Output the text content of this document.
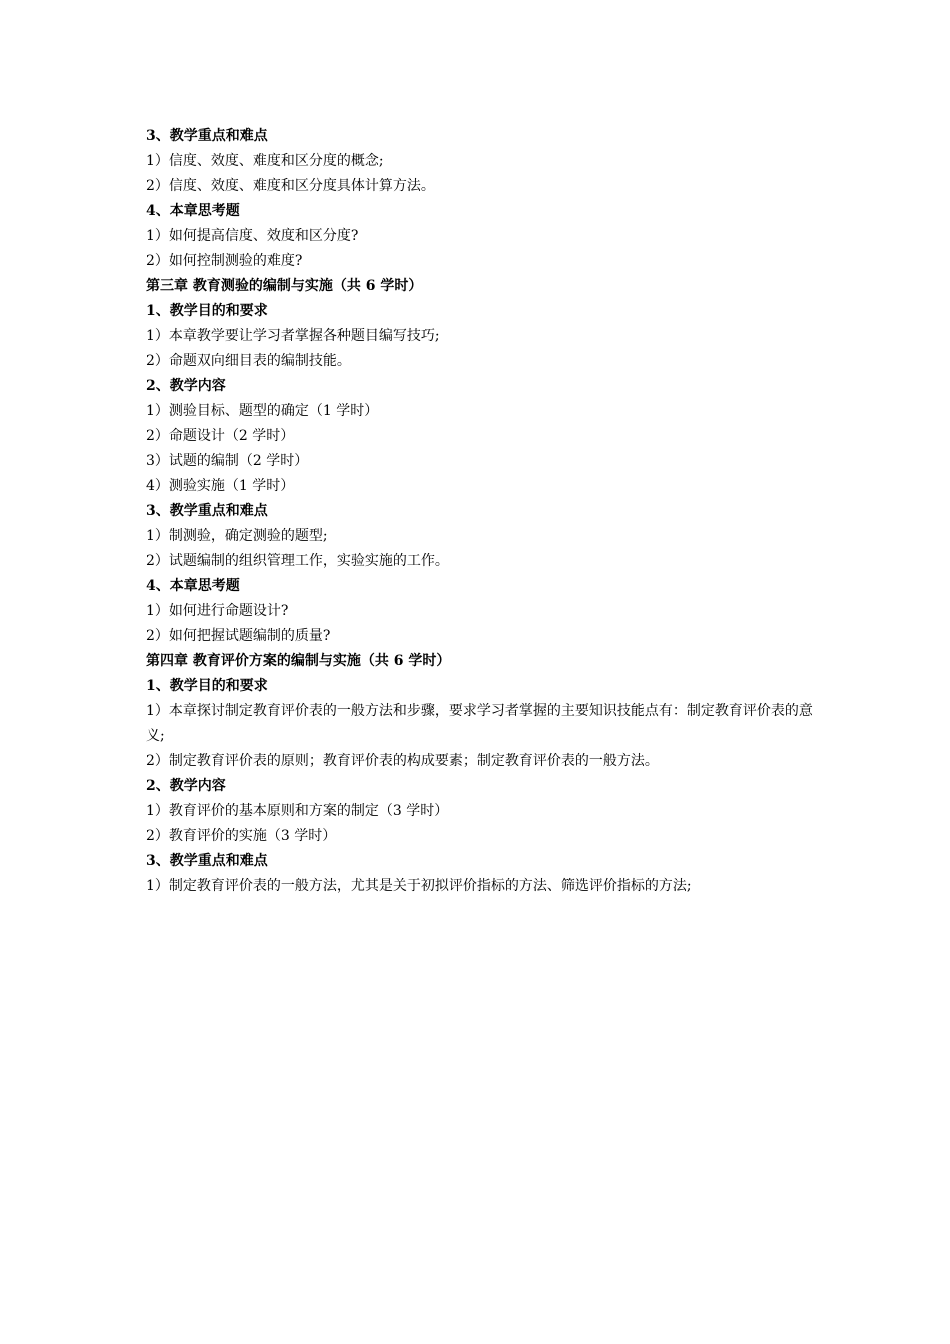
3、教学重点和难点

1）信度、效度、难度和区分度的概念;

2）信度、效度、难度和区分度具体计算方法。

4、本章思考题

1）如何提高信度、效度和区分度?

2）如何控制测验的难度?

第三章 教育测验的编制与实施（共 6 学时）

1、教学目的和要求

1）本章教学要让学习者掌握各种题目编写技巧;

2）命题双向细目表的编制技能。

2、教学内容

1）测验目标、题型的确定（1 学时）

2）命题设计（2 学时）

3）试题的编制（2 学时）

4）测验实施（1 学时）

3、教学重点和难点

1）制测验，确定测验的题型;

2）试题编制的组织管理工作，实验实施的工作。

4、本章思考题

1）如何进行命题设计?

2）如何把握试题编制的质量?

第四章 教育评价方案的编制与实施（共 6 学时）

1、教学目的和要求

1）本章探讨制定教育评价表的一般方法和步骤，要求学习者掌握的主要知识技能点有：制定教育评价表的意义;

2）制定教育评价表的原则；教育评价表的构成要素；制定教育评价表的一般方法。

2、教学内容

1）教育评价的基本原则和方案的制定（3 学时）

2）教育评价的实施（3 学时）

3、教学重点和难点

1）制定教育评价表的一般方法，尤其是关于初拟评价指标的方法、筛选评价指标的方法;
